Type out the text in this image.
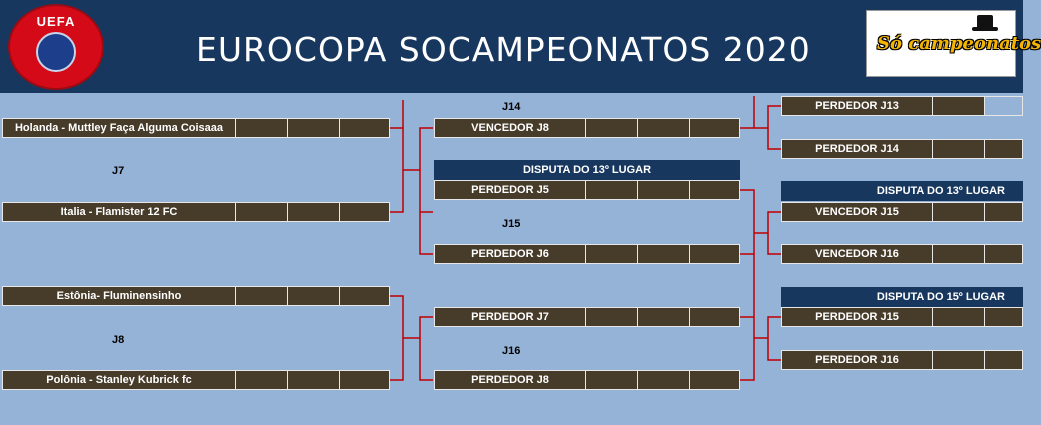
UEFA
EUROCOPA SOCAMPEONATOS 2020	Só campeonatos
Holanda - Muttley Faça Alguma Coisaaa
J7
Italia - Flamister 12 FC
Estônia- Fluminensinho
J8
Polônia - Stanley Kubrick fc
J14
VENCEDOR J8
DISPUTA DO 13º LUGAR
PERDEDOR J5
J15
PERDEDOR J6
PERDEDOR J7
J16
PERDEDOR J8
PERDEDOR J13
PERDEDOR J14
DISPUTA DO 13º LUGAR
VENCEDOR J15
VENCEDOR J16
DISPUTA DO 15º LUGAR
PERDEDOR J15
PERDEDOR J16
